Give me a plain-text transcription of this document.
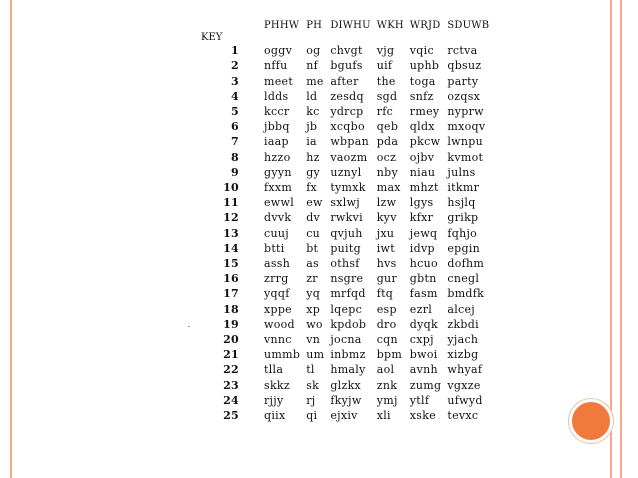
	PHHW	PH	DIWHU	WKH	WRJD	SDUWB
KEY						
1	oggv	og	chvgt	vjg	vqic	rctva
2	nffu	nf	bgufs	uif	uphb	qbsuz
3	meet	me	after	the	toga	party
4	ldds	ld	zesdq	sgd	snfz	ozqsx
5	kccr	kc	ydrcp	rfc	rmey	nyprw
6	jbbq	jb	xcqbo	qeb	qldx	mxoqv
7	iaap	ia	wbpan	pda	pkcw	lwnpu
8	hzzo	hz	vaozm	ocz	ojbv	kvmot
9	gyyn	gy	uznyl	nby	niau	julns
10	fxxm	fx	tymxk	max	mhzt	itkmr
11	ewwl	ew	sxlwj	lzw	lgys	hsjlq
12	dvvk	dv	rwkvi	kyv	kfxr	grikp
13	cuuj	cu	qvjuh	jxu	jewq	fqhjo
14	btti	bt	puitg	iwt	idvp	epgin
15	assh	as	othsf	hvs	hcuo	dofhm
16	zrrg	zr	nsgre	gur	gbtn	cnegl
17	yqqf	yq	mrfqd	ftq	fasm	bmdfk
18	xppe	xp	lqepc	esp	ezrl	alcej
19	wood	wo	kpdob	dro	dyqk	zkbdi
20	vnnc	vn	jocna	cqn	cxpj	yjach
21	ummb	um	inbmz	bpm	bwoi	xizbg
22	tlla	tl	hmaly	aol	avnh	whyaf
23	skkz	sk	glzkx	znk	zumg	vgxze
24	rjjy	rj	fkyjw	ymj	ytlf	ufwyd
25	qiix	qi	ejxiv	xli	xske	tevxc
